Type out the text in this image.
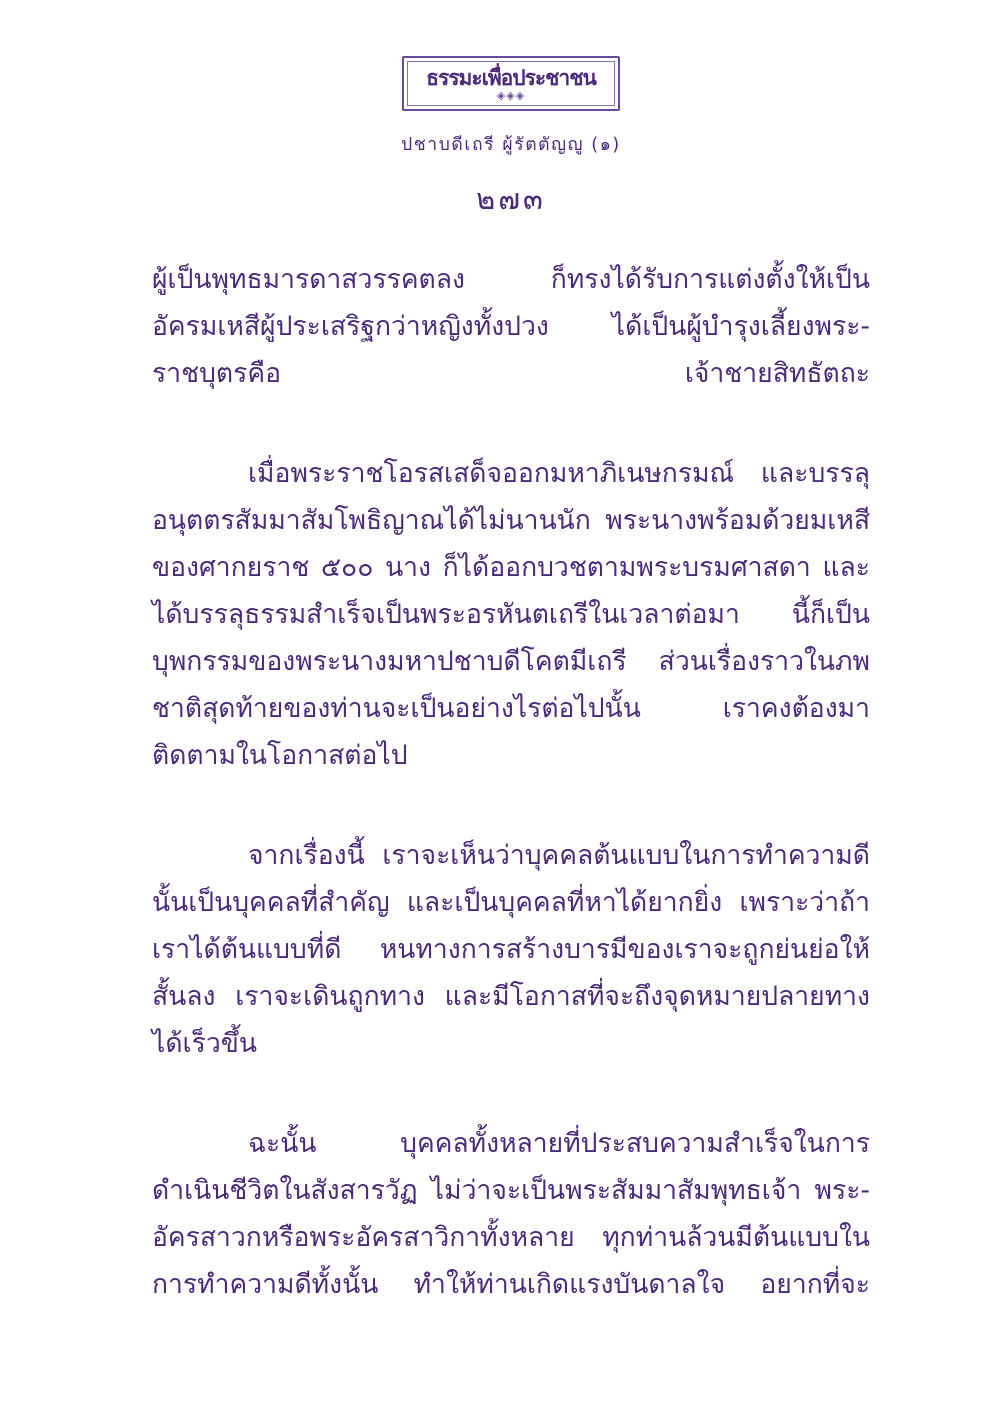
ธรรมะเพื่อประชาชน
◈◈◈
ปชาบดีเถรี ผู้รัตตัญญู (๑)
๒๗๓

ผู้เป็นพุทธมารดาสวรรคตลง ก็ทรงได้รับการแต่งตั้งให้เป็นอัครมเหสีผู้ประเสริฐกว่าหญิงทั้งปวง ได้เป็นผู้บำรุงเลี้ยงพระ-ราชบุตรคือ เจ้าชายสิทธัตถะ

เมื่อพระราชโอรสเสด็จออกมหาภิเนษกรมณ์ และบรรลุอนุตตรสัมมาสัมโพธิญาณได้ไม่นานนัก พระนางพร้อมด้วยมเหสีของศากยราช ๕๐๐ นาง ก็ได้ออกบวชตามพระบรมศาสดา และได้บรรลุธรรมสำเร็จเป็นพระอรหันตเถรีในเวลาต่อมา นี้ก็เป็นบุพกรรมของพระนางมหาปชาบดีโคตมีเถรี ส่วนเรื่องราวในภพชาติสุดท้ายของท่านจะเป็นอย่างไรต่อไปนั้น เราคงต้องมาติดตามในโอกาสต่อไป

จากเรื่องนี้ เราจะเห็นว่าบุคคลต้นแบบในการทำความดีนั้นเป็นบุคคลที่สำคัญ และเป็นบุคคลที่หาได้ยากยิ่ง เพราะว่าถ้าเราได้ต้นแบบที่ดี หนทางการสร้างบารมีของเราจะถูกย่นย่อให้สั้นลง เราจะเดินถูกทาง และมีโอกาสที่จะถึงจุดหมายปลายทางได้เร็วขึ้น

ฉะนั้น บุคคลทั้งหลายที่ประสบความสำเร็จในการดำเนินชีวิตในสังสารวัฏ ไม่ว่าจะเป็นพระสัมมาสัมพุทธเจ้า พระ-อัครสาวกหรือพระอัครสาวิกาทั้งหลาย ทุกท่านล้วนมีต้นแบบในการทำความดีทั้งนั้น ทำให้ท่านเกิดแรงบันดาลใจ อยากที่จะ
